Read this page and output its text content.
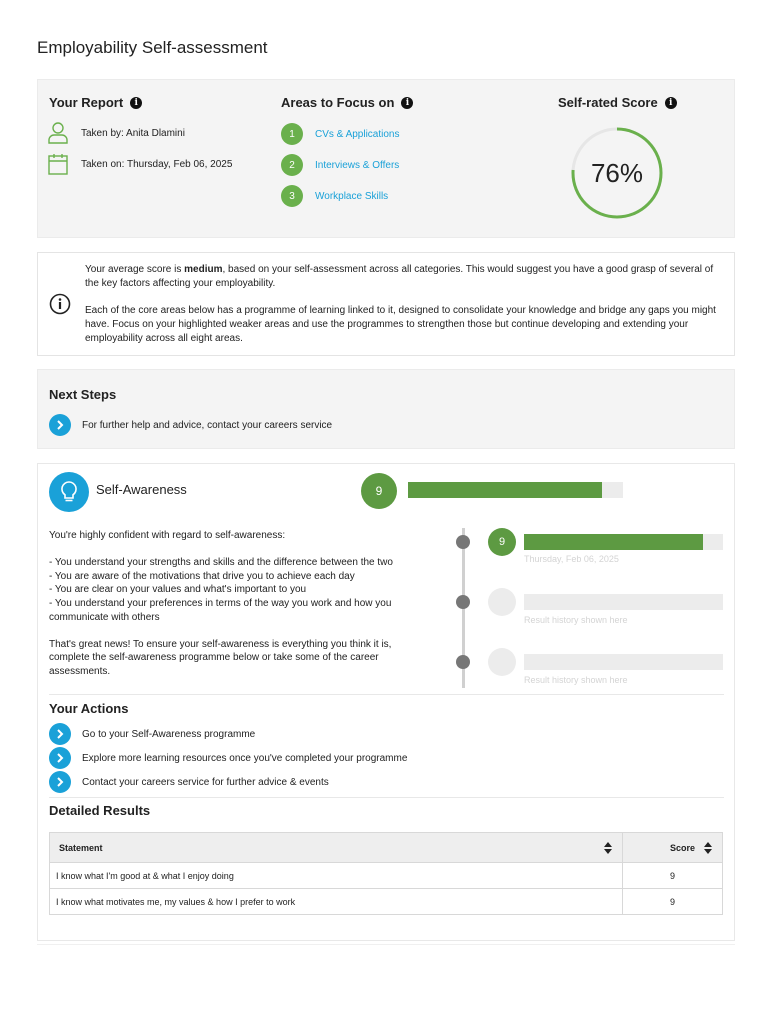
Employability Self-assessment
Your Report	i
Taken by: Anita Dlamini
Taken on: Thursday, Feb 06, 2025
Areas to Focus on	i
1	CVs & Applications
2	Interviews & Offers
3	Workplace Skills
Self-rated Score	i
76%

Your average score is medium, based on your self-assessment across all categories. This would suggest you have a good grasp of several of the key factors affecting your employability.

Each of the core areas below has a programme of learning linked to it, designed to consolidate your knowledge and bridge any gaps you might have. Focus on your highlighted weaker areas and use the programmes to strengthen those but continue developing and extending your employability across all eight areas.

Next Steps
For further help and advice, contact your careers service
Self-Awareness	9
You're highly confident with regard to self-awareness:
- You understand your strengths and skills and the difference between the two
- You are aware of the motivations that drive you to achieve each day
- You are clear on your values and what's important to you
- You understand your preferences in terms of the way you work and how you communicate with others
That's great news! To ensure your self-awareness is everything you think it is, complete the self-awareness programme below or take some of the career assessments.
9
Thursday, Feb 06, 2025
Result history shown here
Result history shown here
Your Actions
Go to your Self-Awareness programme
Explore more learning resources once you've completed your programme
Contact your careers service for further advice & events
Detailed Results
Statement	Score

I know what I'm good at & what I enjoy doing	9
I know what motivates me, my values & how I prefer to work	9
